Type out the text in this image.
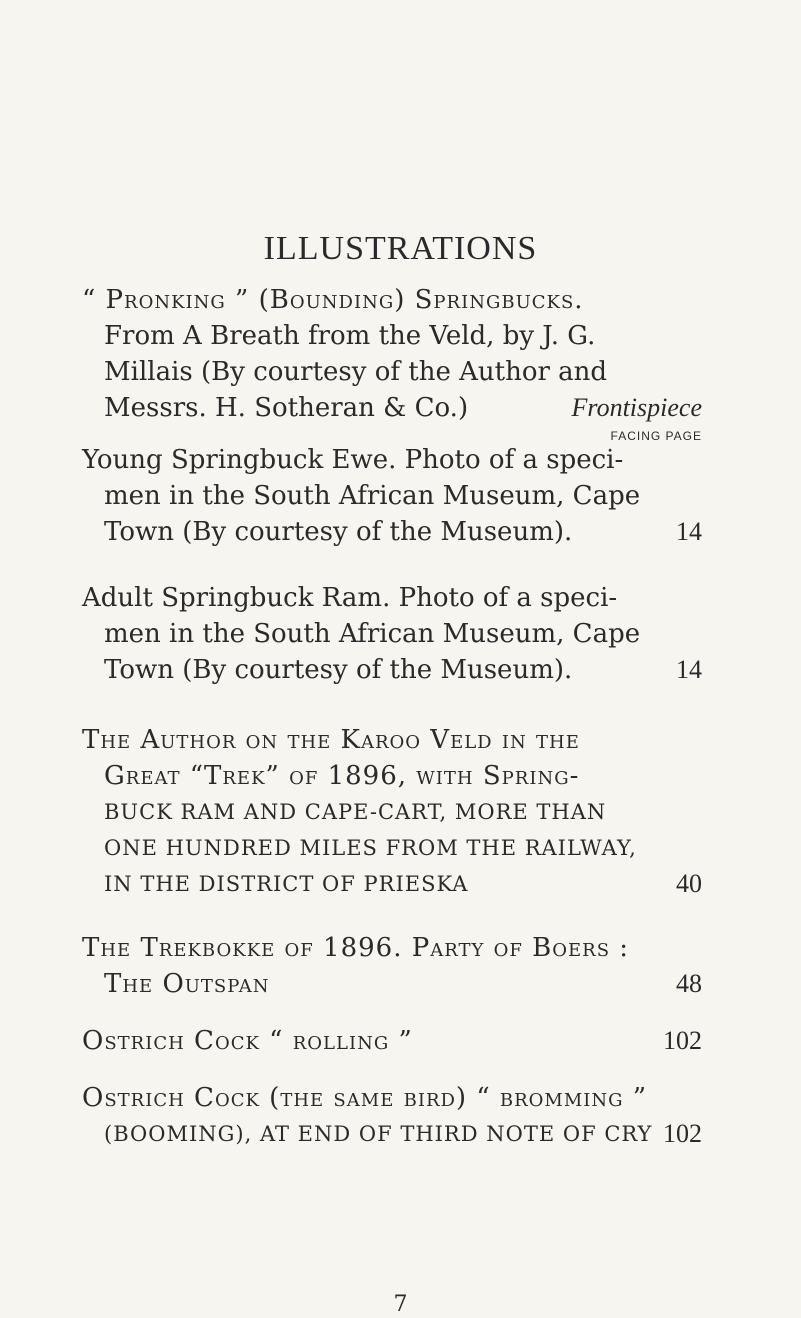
ILLUSTRATIONS
“ Pronking ” (Bounding) Springbucks.
From A Breath from the Veld, by J. G.
Millais (By courtesy of the Author and
Messrs. H. Sotheran & Co.)	Frontispiece
FACING PAGE
Young Springbuck Ewe. Photo of a speci-
men in the South African Museum, Cape
Town (By courtesy of the Museum).	14
Adult Springbuck Ram. Photo of a speci-
men in the South African Museum, Cape
Town (By courtesy of the Museum).	14
The Author on the Karoo Veld in the
Great “Trek” of 1896, with Spring-
BUCK RAM AND CAPE-CART, MORE THAN
ONE HUNDRED MILES FROM THE RAILWAY,
IN THE DISTRICT OF PRIESKA	40
The Trekbokke of 1896. Party of Boers :
The Outspan	48
Ostrich Cock “ rolling ”	102
Ostrich Cock (the same bird) “ bromming ”
(BOOMING), AT END OF THIRD NOTE OF CRY 102
7
